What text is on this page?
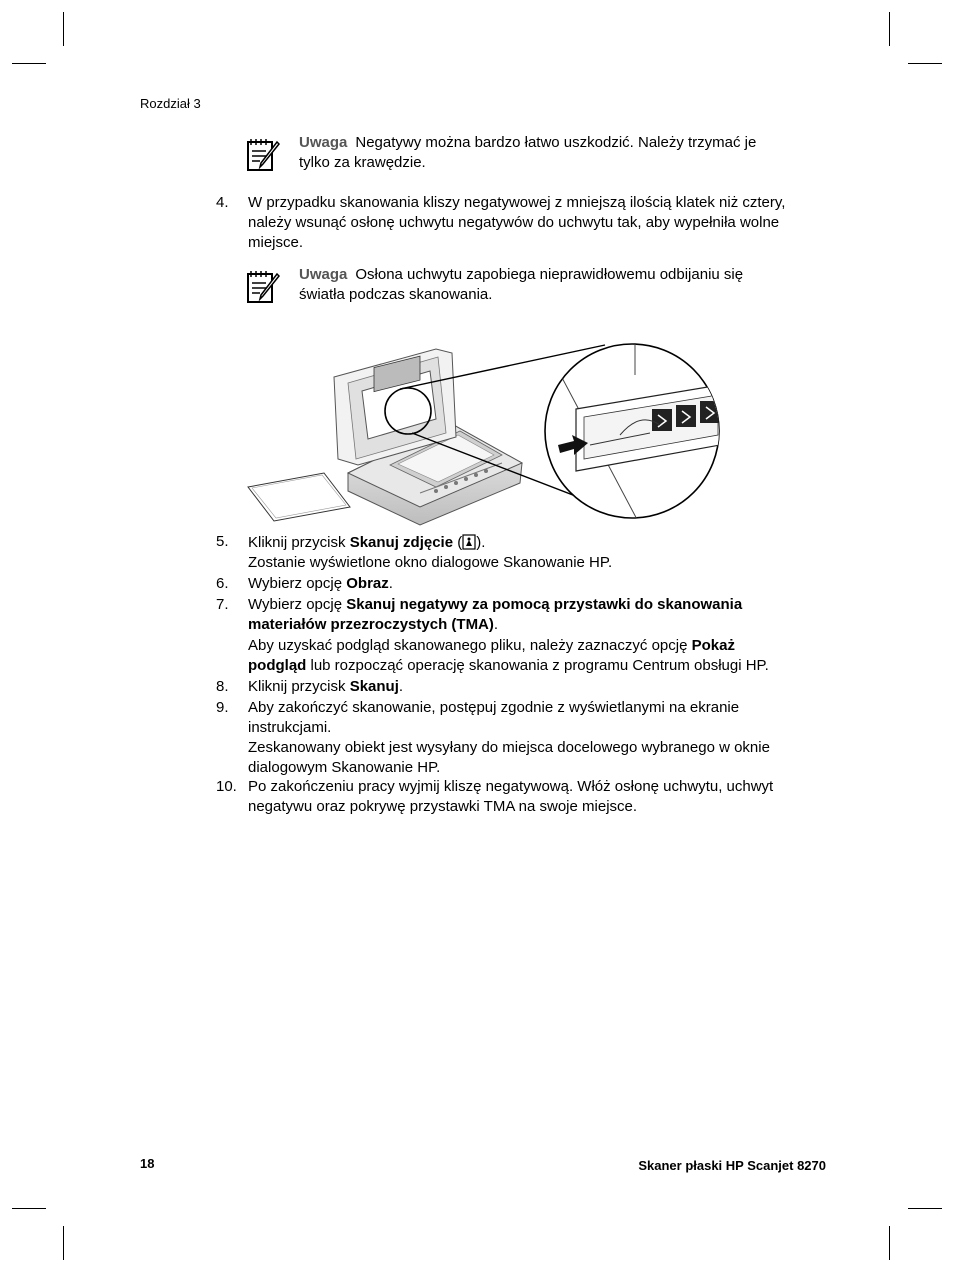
Rozdział 3
Uwaga Negatywy można bardzo łatwo uszkodzić. Należy trzymać je
tylko za krawędzie.
4. W przypadku skanowania kliszy negatywowej z mniejszą ilością klatek niż cztery,
należy wsunąć osłonę uchwytu negatywów do uchwytu tak, aby wypełniła wolne
miejsce.
Uwaga Osłona uchwytu zapobiega nieprawidłowemu odbijaniu się
światła podczas skanowania.
5. Kliknij przycisk Skanuj zdjęcie ( ).
Zostanie wyświetlone okno dialogowe Skanowanie HP.
6. Wybierz opcję Obraz.
7. Wybierz opcję Skanuj negatywy za pomocą przystawki do skanowania
materiałów przezroczystych (TMA).
Aby uzyskać podgląd skanowanego pliku, należy zaznaczyć opcję Pokaż
podgląd lub rozpocząć operację skanowania z programu Centrum obsługi HP.
8. Kliknij przycisk Skanuj.
9. Aby zakończyć skanowanie, postępuj zgodnie z wyświetlanymi na ekranie
instrukcjami.
Zeskanowany obiekt jest wysyłany do miejsca docelowego wybranego w oknie
dialogowym Skanowanie HP.
10. Po zakończeniu pracy wyjmij kliszę negatywową. Włóż osłonę uchwytu, uchwyt
negatywu oraz pokrywę przystawki TMA na swoje miejsce.
18	Skaner płaski HP Scanjet 8270
